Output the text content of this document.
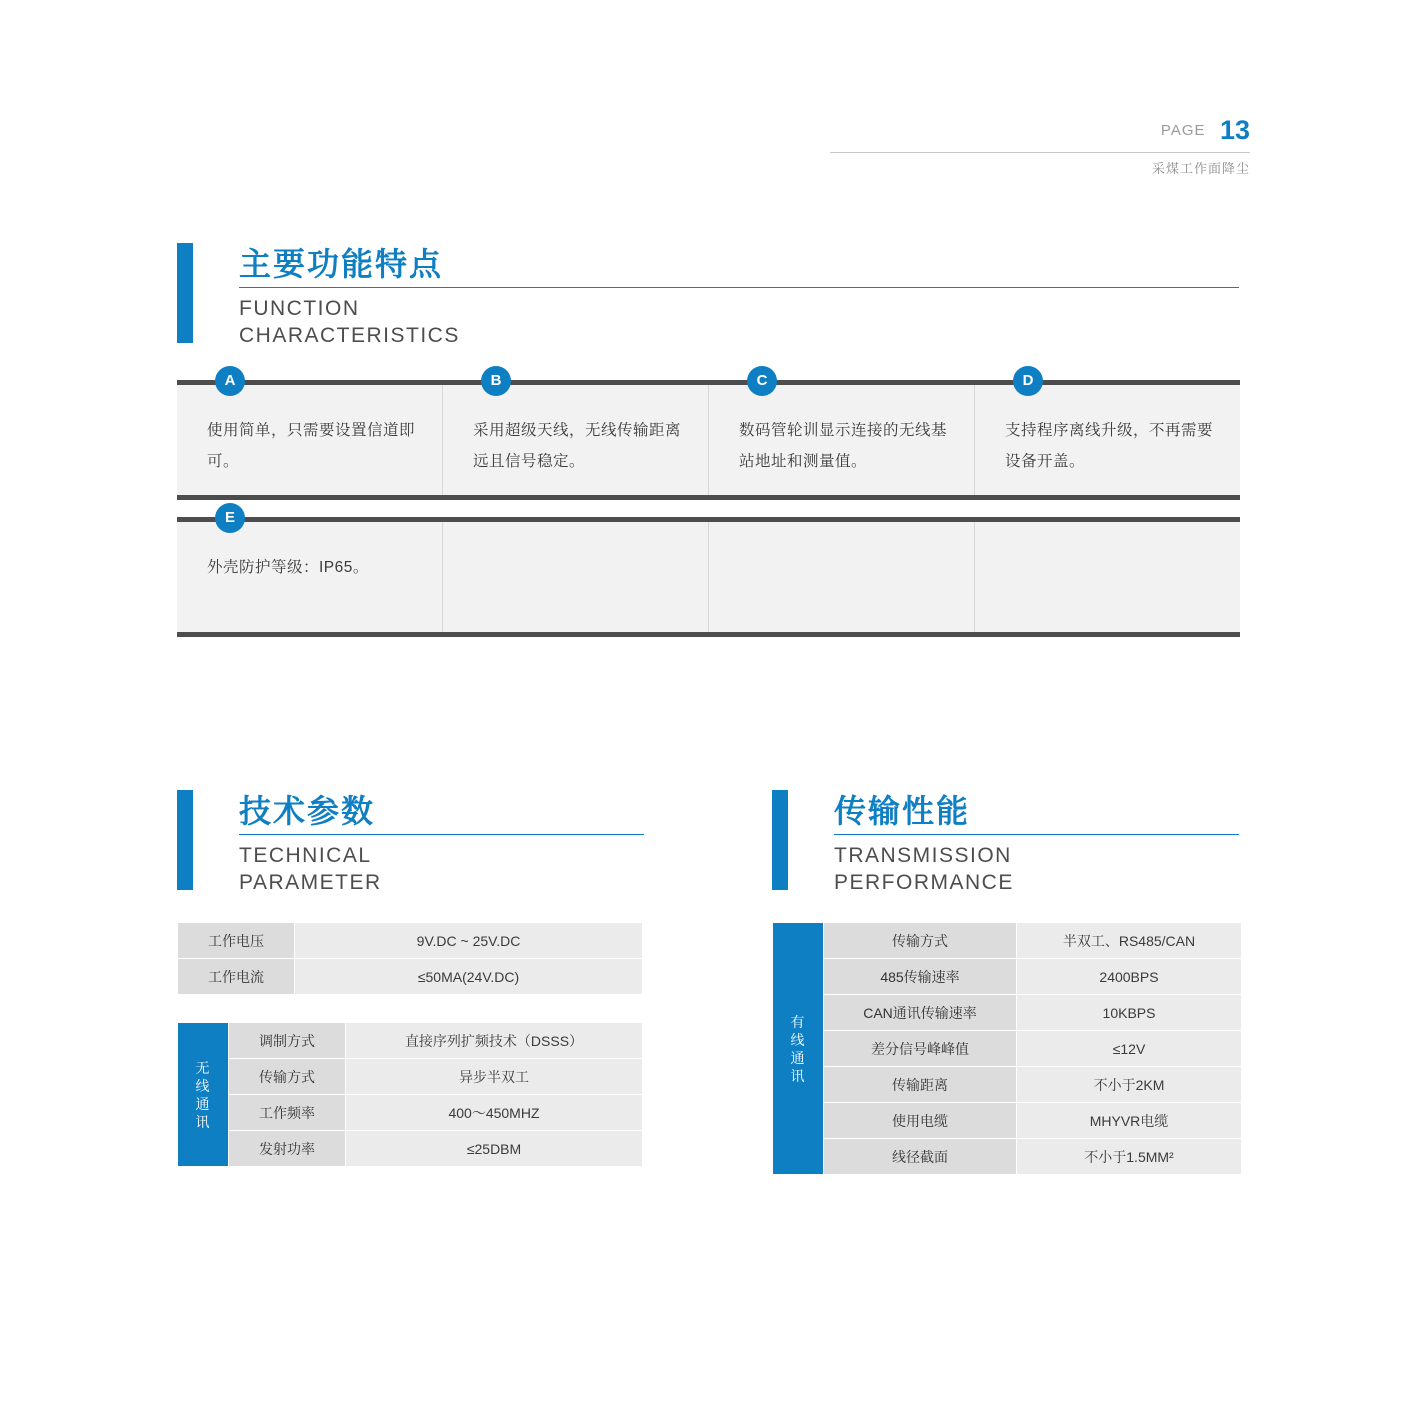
PAGE 13
采煤工作面降尘
主要功能特点
FUNCTION
CHARACTERISTICS
A
使用简单，只需要设置信道即可。
B
采用超级天线，无线传输距离远且信号稳定。
C
数码管轮训显示连接的无线基站地址和测量值。
D
支持程序离线升级，不再需要设备开盖。
E
外壳防护等级：IP65。
技术参数
TECHNICAL
PARAMETER
传输性能
TRANSMISSION
PERFORMANCE
工作电压	9V.DC ~ 25V.DC
工作电流	≤50MA(24V.DC)
无线通讯	调制方式	直接序列扩频技术（DSSS）
	传输方式	异步半双工
	工作频率	400～450MHZ
	发射功率	≤25DBM
有线通讯	传输方式	半双工、RS485/CAN
	485传输速率	2400BPS
	CAN通讯传输速率	10KBPS
	差分信号峰峰值	≤12V
	传输距离	不小于2KM
	使用电缆	MHYVR电缆
	线径截面	不小于1.5MM²
